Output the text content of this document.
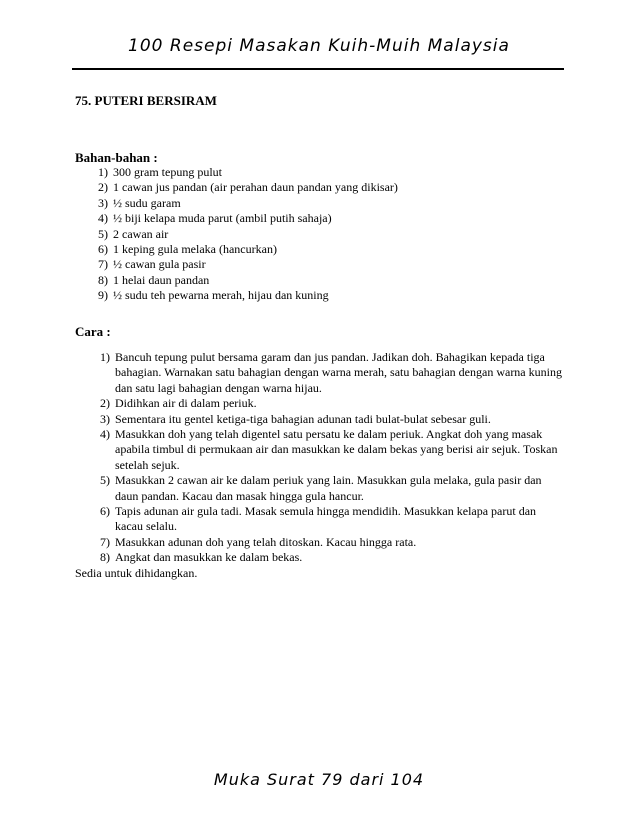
100 Resepi Masakan Kuih-Muih Malaysia
75. PUTERI BERSIRAM
Bahan-bahan :
1) 300 gram tepung pulut
2) 1 cawan jus pandan (air perahan daun pandan yang dikisar)
3) ½ sudu garam
4) ½ biji kelapa muda parut (ambil putih sahaja)
5) 2 cawan air
6) 1 keping gula melaka (hancurkan)
7) ½ cawan gula pasir
8) 1 helai daun pandan
9) ½ sudu teh pewarna merah, hijau dan kuning
Cara :
1) Bancuh tepung pulut bersama garam dan jus pandan. Jadikan doh. Bahagikan kepada tiga bahagian. Warnakan satu bahagian dengan warna merah, satu bahagian dengan warna kuning dan satu lagi bahagian dengan warna hijau.
2) Didihkan air di dalam periuk.
3) Sementara itu gentel ketiga-tiga bahagian adunan tadi bulat-bulat sebesar guli.
4) Masukkan doh yang telah digentel satu persatu ke dalam periuk. Angkat doh yang masak apabila timbul di permukaan air dan masukkan ke dalam bekas yang berisi air sejuk. Toskan setelah sejuk.
5) Masukkan 2 cawan air ke dalam periuk yang lain. Masukkan gula melaka, gula pasir dan daun pandan. Kacau dan masak hingga gula hancur.
6) Tapis adunan air gula tadi. Masak semula hingga mendidih. Masukkan kelapa parut dan kacau selalu.
7) Masukkan adunan doh yang telah ditoskan. Kacau hingga rata.
8) Angkat dan masukkan ke dalam bekas.
Sedia untuk dihidangkan.
Muka Surat 79 dari 104
